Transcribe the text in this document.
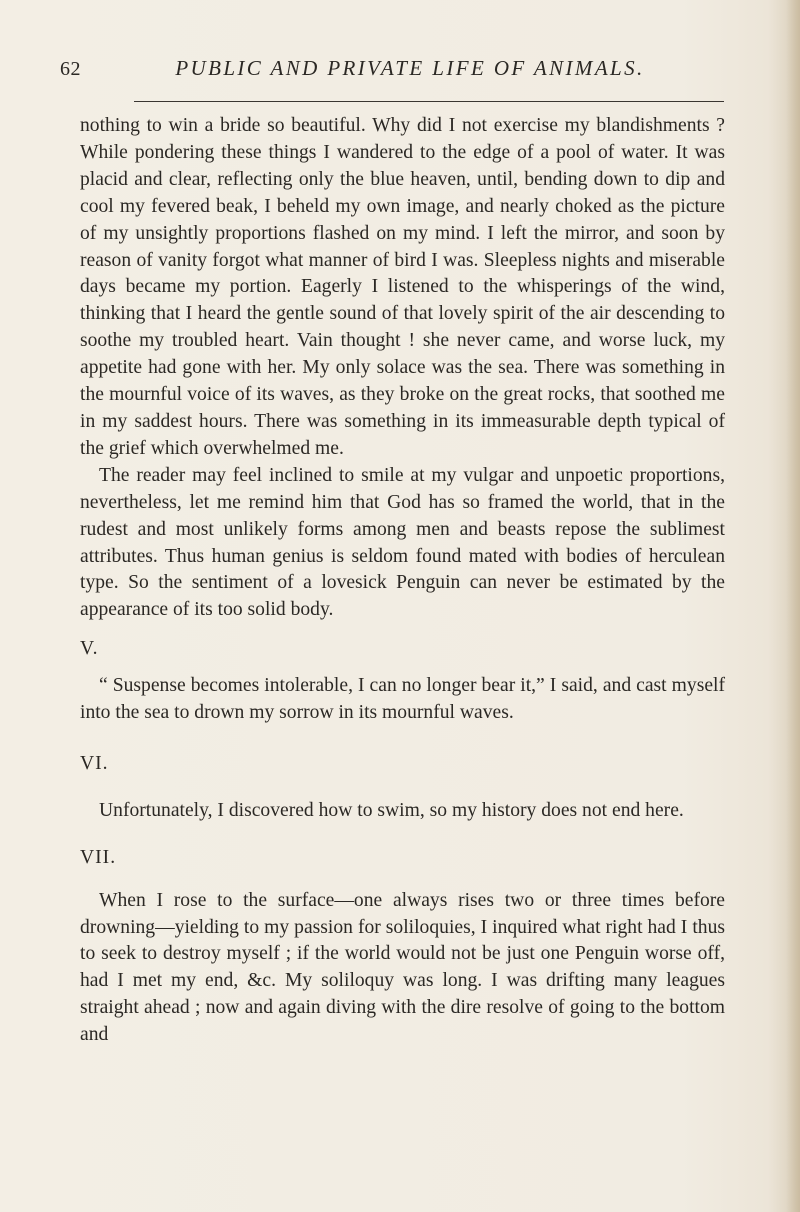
62	PUBLIC AND PRIVATE LIFE OF ANIMALS.

nothing to win a bride so beautiful. Why did I not exercise my blandishments ? While pondering these things I wandered to the edge of a pool of water. It was placid and clear, reflecting only the blue heaven, until, bending down to dip and cool my fevered beak, I beheld my own image, and nearly choked as the picture of my unsightly proportions flashed on my mind. I left the mirror, and soon by reason of vanity forgot what manner of bird I was. Sleepless nights and miserable days became my portion. Eagerly I listened to the whisperings of the wind, thinking that I heard the gentle sound of that lovely spirit of the air descending to soothe my troubled heart. Vain thought ! she never came, and worse luck, my appetite had gone with her. My only solace was the sea. There was something in the mournful voice of its waves, as they broke on the great rocks, that soothed me in my saddest hours. There was something in its immeasurable depth typical of the grief which overwhelmed me.

The reader may feel inclined to smile at my vulgar and unpoetic proportions, nevertheless, let me remind him that God has so framed the world, that in the rudest and most unlikely forms among men and beasts repose the sublimest attributes. Thus human genius is seldom found mated with bodies of herculean type. So the sentiment of a lovesick Penguin can never be estimated by the appearance of its too solid body.

V.

“ Suspense becomes intolerable, I can no longer bear it,” I said, and cast myself into the sea to drown my sorrow in its mournful waves.

VI.

Unfortunately, I discovered how to swim, so my history does not end here.

VII.

When I rose to the surface—one always rises two or three times before drowning—yielding to my passion for soliloquies, I inquired what right had I thus to seek to destroy myself ; if the world would not be just one Penguin worse off, had I met my end, &c. My soliloquy was long. I was drifting many leagues straight ahead ; now and again diving with the dire resolve of going to the bottom and
